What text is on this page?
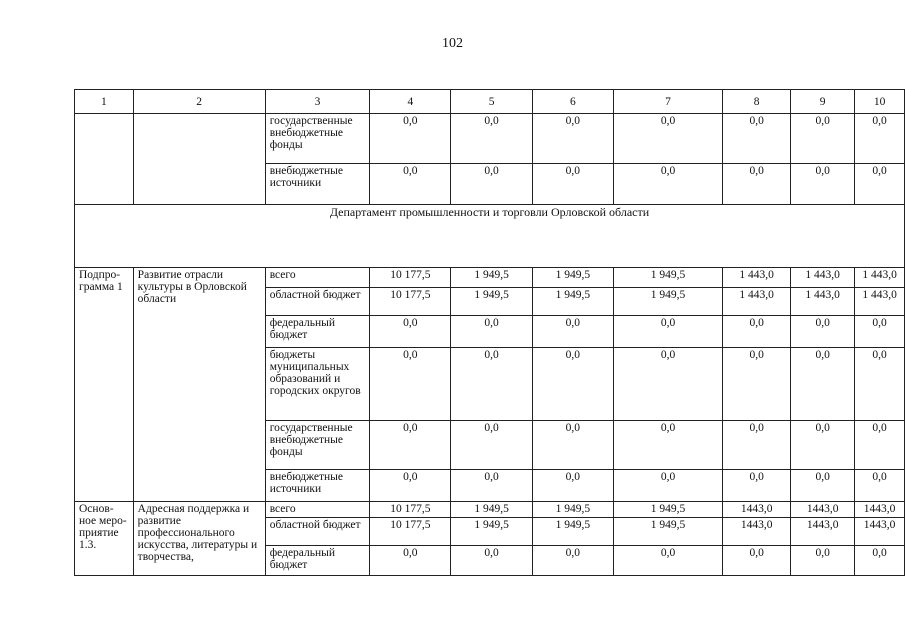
102
1	2	3	4	5	6	7	8	9	10
		государственные внебюджетные фонды	0,0	0,0	0,0	0,0	0,0	0,0	0,0
		внебюджетные источники	0,0	0,0	0,0	0,0	0,0	0,0	0,0
Департамент промышленности и торговли Орловской области									
Подпро-грамма 1	Развитие отрасли культуры в Орловской области	всего	10 177,5	1 949,5	1 949,5	1 949,5	1 443,0	1 443,0	1 443,0
		областной бюджет	10 177,5	1 949,5	1 949,5	1 949,5	1 443,0	1 443,0	1 443,0
		федеральный бюджет	0,0	0,0	0,0	0,0	0,0	0,0	0,0
		бюджеты муниципальных образований и городских округов	0,0	0,0	0,0	0,0	0,0	0,0	0,0
		государственные внебюджетные фонды	0,0	0,0	0,0	0,0	0,0	0,0	0,0
		внебюджетные источники	0,0	0,0	0,0	0,0	0,0	0,0	0,0
Основ-ное меро-приятие 1.3.	Адресная поддержка и развитие профессионального искусства, литературы и творчества,	всего	10 177,5	1 949,5	1 949,5	1 949,5	1443,0	1443,0	1443,0
		областной бюджет	10 177,5	1 949,5	1 949,5	1 949,5	1443,0	1443,0	1443,0
		федеральный бюджет	0,0	0,0	0,0	0,0	0,0	0,0	0,0
